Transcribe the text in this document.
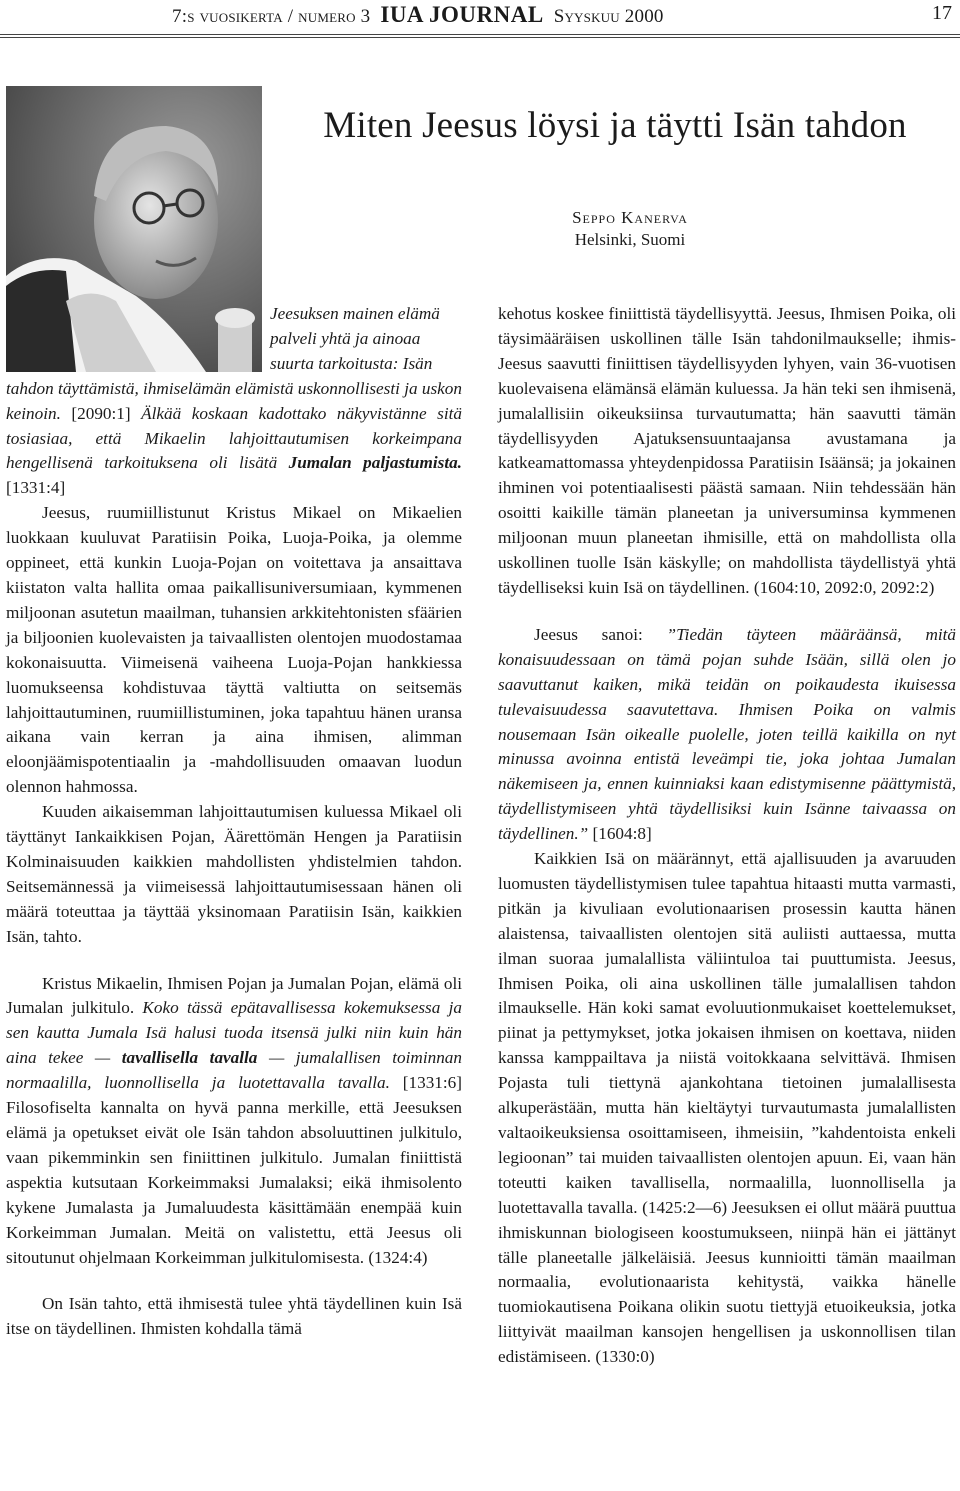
7:s vuosikerta / numero 3 IUA JOURNAL Syyskuu 2000	17
Miten Jeesus löysi ja täytti Isän tahdon
Seppo Kanerva
Helsinki, Suomi

Jeesuksen mainen elämä palveli yhtä ja ainoaa suurta tarkoitusta: Isän

tahdon täyttämistä, ihmiselämän elämistä uskonnollisesti ja uskon keinoin. [2090:1] Älkää koskaan kadottako näkyvistänne sitä tosiasiaa, että Mikaelin lahjoittautumisen korkeimpana hengellisenä tarkoituksena oli lisätä Jumalan paljastumista. [1331:4]

Jeesus, ruumiillistunut Kristus Mikael on Mikaelien luokkaan kuuluvat Paratiisin Poika, Luoja-Poika, ja olemme oppineet, että kunkin Luoja-Pojan on voitettava ja ansaittava kiistaton valta hallita omaa paikallisuniversumiaan, kymmenen miljoonan asutetun maailman, tuhansien arkkitehtonisten sfäärien ja biljoonien kuolevaisten ja taivaallisten olentojen muodostamaa kokonaisuutta. Viimeisenä vaiheena Luoja-Pojan hankkiessa luomukseensa kohdistuvaa täyttä valtiutta on seitsemäs lahjoittautuminen, ruumiillistuminen, joka tapahtuu hänen uransa aikana vain kerran ja aina ihmisen, alimman eloonjäämispotentiaalin ja -mahdollisuuden omaavan luodun olennon hahmossa.

Kuuden aikaisemman lahjoittautumisen kuluessa Mikael oli täyttänyt Iankaikkisen Pojan, Äärettömän Hengen ja Paratiisin Kolminaisuuden kaikkien mahdollisten yhdistelmien tahdon. Seitsemännessä ja viimeisessä lahjoittautumisessaan hänen oli määrä toteuttaa ja täyttää yksinomaan Paratiisin Isän, kaikkien Isän, tahto.

Kristus Mikaelin, Ihmisen Pojan ja Jumalan Pojan, elämä oli Jumalan julkitulo. Koko tässä epätavallisessa kokemuksessa ja sen kautta Jumala Isä halusi tuoda itsensä julki niin kuin hän aina tekee — tavallisella tavalla — jumalallisen toiminnan normaalilla, luonnollisella ja luotettavalla tavalla. [1331:6] Filosofiselta kannalta on hyvä panna merkille, että Jeesuksen elämä ja opetukset eivät ole Isän tahdon absoluuttinen julkitulo, vaan pikemminkin sen finiittinen julkitulo. Jumalan finiittistä aspektia kutsutaan Korkeimmaksi Jumalaksi; eikä ihmisolento kykene Jumalasta ja Jumaluudesta käsittämään enempää kuin Korkeimman Jumalan. Meitä on valistettu, että Jeesus oli sitoutunut ohjelmaan Korkeimman julkitulomisesta. (1324:4)

On Isän tahto, että ihmisestä tulee yhtä täydellinen kuin Isä itse on täydellinen. Ihmisten kohdalla tämä

kehotus koskee finiittistä täydellisyyttä. Jeesus, Ihmisen Poika, oli täysimääräisen uskollinen tälle Isän tahdonilmaukselle; ihmis-Jeesus saavutti finiittisen täydellisyyden lyhyen, vain 36-vuotisen kuolevaisena elämänsä elämän kuluessa. Ja hän teki sen ihmisenä, jumalallisiin oikeuksiinsa turvautumatta; hän saavutti tämän täydellisyyden Ajatuksensuuntaajansa avustamana ja katkeamattomassa yhteydenpidossa Paratiisin Isäänsä; ja jokainen ihminen voi potentiaalisesti päästä samaan. Niin tehdessään hän osoitti kaikille tämän planeetan ja universuminsa kymmenen miljoonan muun planeetan ihmisille, että on mahdollista olla uskollinen tuolle Isän käskylle; on mahdollista täydellistyä yhtä täydelliseksi kuin Isä on täydellinen. (1604:10, 2092:0, 2092:2)

Jeesus sanoi: ”Tiedän täyteen määräänsä, mitä konaisuudessaan on tämä pojan suhde Isään, sillä olen jo saavuttanut kaiken, mikä teidän on poikaudesta ikuisessa tulevaisuudessa saavutettava. Ihmisen Poika on valmis nousemaan Isän oikealle puolelle, joten teillä kaikilla on nyt minussa avoinna entistä leveämpi tie, joka johtaa Jumalan näkemiseen ja, ennen kuinniaksi kaan edistymisenne päättymistä, täydellistymiseen yhtä täydellisiksi kuin Isänne taivaassa on täydellinen.” [1604:8]

Kaikkien Isä on määrännyt, että ajallisuuden ja avaruuden luomusten täydellistymisen tulee tapahtua hitaasti mutta varmasti, pitkän ja kivuliaan evolutionaarisen prosessin kautta hänen alaistensa, taivaallisten olentojen sitä auliisti auttaessa, mutta ilman suoraa jumalallista väliintuloa tai puuttumista. Jeesus, Ihmisen Poika, oli aina uskollinen tälle jumalallisen tahdon ilmaukselle. Hän koki samat evoluutionmukaiset koettelemukset, piinat ja pettymykset, jotka jokaisen ihmisen on koettava, niiden kanssa kamppailtava ja niistä voitokkaana selvittävä. Ihmisen Pojasta tuli tiettynä ajankohtana tietoinen jumalallisesta alkuperästään, mutta hän kieltäytyi turvautumasta jumalallisten valtaoikeuksiensa osoittamiseen, ihmeisiin, ”kahdentoista enkeli legioonan” tai muiden taivaallisten olentojen apuun. Ei, vaan hän toteutti kaiken tavallisella, normaalilla, luonnollisella ja luotettavalla tavalla. (1425:2—6) Jeesuksen ei ollut määrä puuttua ihmiskunnan biologiseen koostumukseen, niinpä hän ei jättänyt tälle planeetalle jälkeläisiä. Jeesus kunnioitti tämän maailman normaalia, evolutionaarista kehitystä, vaikka hänelle tuomiokautisena Poikana olikin suotu tiettyjä etuoikeuksia, jotka liittyivät maailman kansojen hengellisen ja uskonnollisen tilan edistämiseen. (1330:0)
